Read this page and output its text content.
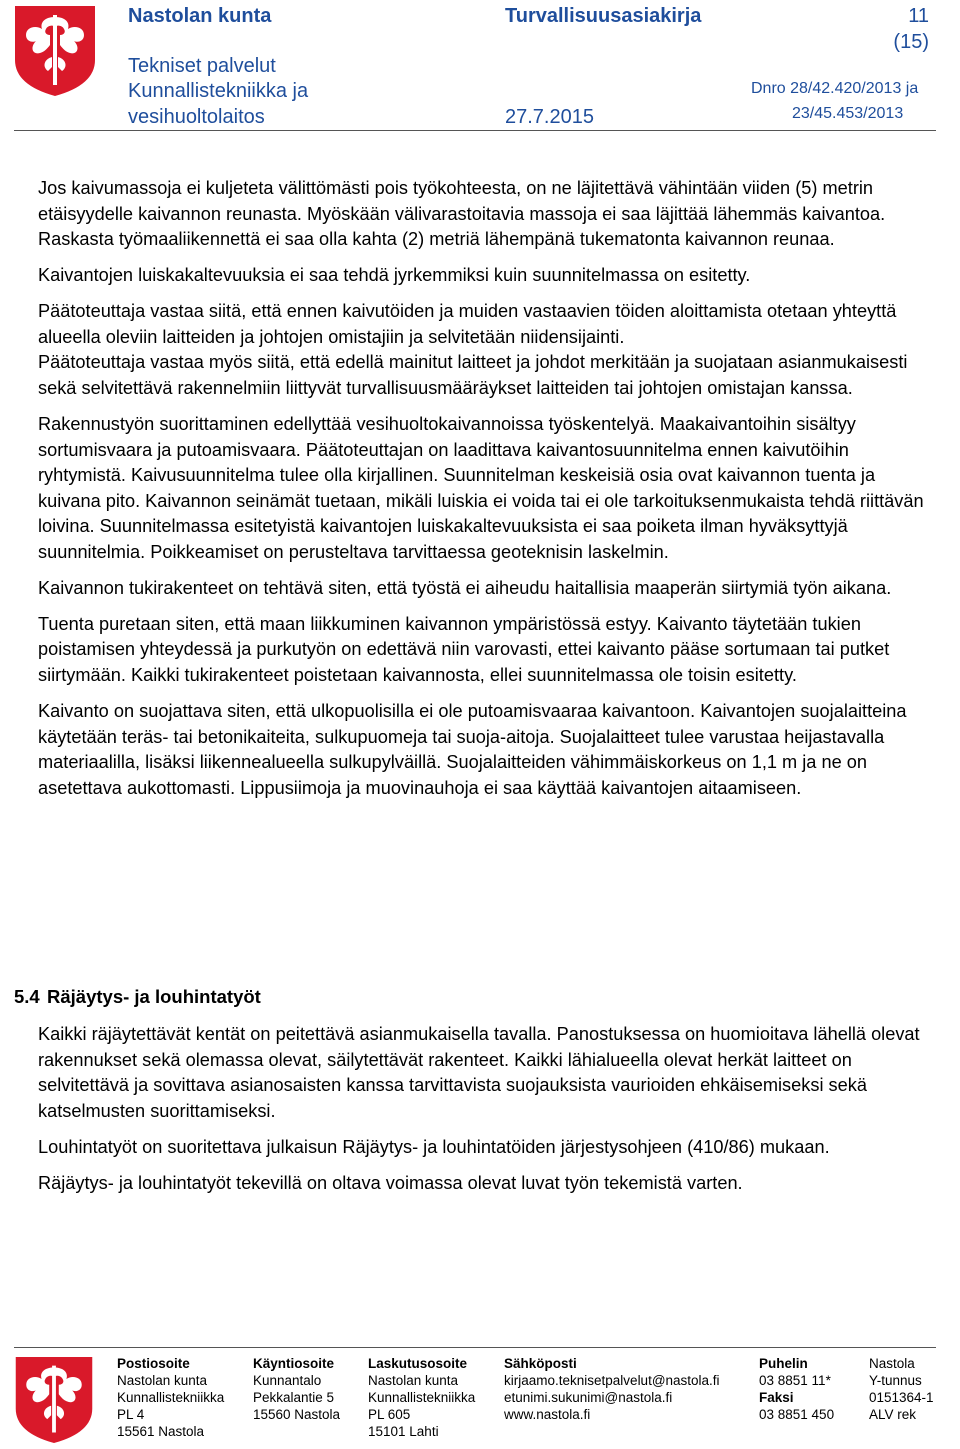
Nastolan kunta
Tekniset palvelut
Kunnallistekniikka ja
vesihuoltolaitos
Turvallisuusasiakirja
27.7.2015
11
(15)
Dnro 28/42.420/2013 ja
23/45.453/2013

Jos kaivumassoja ei kuljeteta välittömästi pois työkohteesta, on ne läjitettävä vähintään viiden (5) metrin etäisyydelle kaivannon reunasta. Myöskään välivarastoitavia massoja ei saa läjittää lähemmäs kaivantoa. Raskasta työmaaliikennettä ei saa olla kahta (2) metriä lähempänä tukematonta kaivannon reunaa.

Kaivantojen luiskakaltevuuksia ei saa tehdä jyrkemmiksi kuin suunnitelmassa on esitetty.

Päätoteuttaja vastaa siitä, että ennen kaivutöiden ja muiden vastaavien töiden aloittamista otetaan yhteyttä alueella oleviin laitteiden ja johtojen omistajiin ja selvitetään niidensijainti.

Päätoteuttaja vastaa myös siitä, että edellä mainitut laitteet ja johdot merkitään ja suojataan asianmukaisesti sekä selvitettävä rakennelmiin liittyvät turvallisuusmääräykset laitteiden tai johtojen omistajan kanssa.

Rakennustyön suorittaminen edellyttää vesihuoltokaivannoissa työskentelyä. Maakaivantoihin sisältyy sortumisvaara ja putoamisvaara. Päätoteuttajan on laadittava kaivantosuunnitelma ennen kaivutöihin ryhtymistä. Kaivusuunnitelma tulee olla kirjallinen. Suunnitelman keskeisiä osia ovat kaivannon tuenta ja kuivana pito. Kaivannon seinämät tuetaan, mikäli luiskia ei voida tai ei ole tarkoituksenmukaista tehdä riittävän loivina. Suunnitelmassa esitetyistä kaivantojen luiskakaltevuuksista ei saa poiketa ilman hyväksyttyjä suunnitelmia. Poikkeamiset on perusteltava tarvittaessa geoteknisin laskelmin.

Kaivannon tukirakenteet on tehtävä siten, että työstä ei aiheudu haitallisia maaperän siirtymiä työn aikana.

Tuenta puretaan siten, että maan liikkuminen kaivannon ympäristössä estyy. Kaivanto täytetään tukien poistamisen yhteydessä ja purkutyön on edettävä niin varovasti, ettei kaivanto pääse sortumaan tai putket siirtymään. Kaikki tukirakenteet poistetaan kaivannosta, ellei suunnitelmassa ole toisin esitetty.

Kaivanto on suojattava siten, että ulkopuolisilla ei ole putoamisvaaraa kaivantoon. Kaivantojen suojalaitteina käytetään teräs- tai betonikaiteita, sulkupuomeja tai suoja-aitoja. Suojalaitteet tulee varustaa heijastavalla materiaalilla, lisäksi liikennealueella sulkupylväillä. Suojalaitteiden vähimmäiskorkeus on 1,1 m ja ne on asetettava aukottomasti. Lippusiimoja ja muovinauhoja ei saa käyttää kaivantojen aitaamiseen.

5.4 Räjäytys- ja louhintatyöt

Kaikki räjäytettävät kentät on peitettävä asianmukaisella tavalla. Panostuksessa on huomioitava lähellä olevat rakennukset sekä olemassa olevat, säilytettävät rakenteet. Kaikki lähialueella olevat herkät laitteet on selvitettävä ja sovittava asianosaisten kanssa tarvittavista suojauksista vaurioiden ehkäisemiseksi sekä katselmusten suorittamiseksi.

Louhintatyöt on suoritettava julkaisun Räjäytys- ja louhintatöiden järjestysohjeen (410/86) mukaan.

Räjäytys- ja louhintatyöt tekevillä on oltava voimassa olevat luvat työn tekemistä varten.

Postiosoite
Nastolan kunta
Kunnallistekniikka
PL 4
15561 Nastola
Käyntiosoite
Kunnantalo
Pekkalantie 5
15560 Nastola
Laskutusosoite
Nastolan kunta
Kunnallistekniikka
PL 605
15101 Lahti
Sähköposti
kirjaamo.teknisetpalvelut@nastola.fi
etunimi.sukunimi@nastola.fi
www.nastola.fi
Puhelin
03 8851 11*
Faksi
03 8851 450
Nastola
Y-tunnus
0151364-1
ALV rek
